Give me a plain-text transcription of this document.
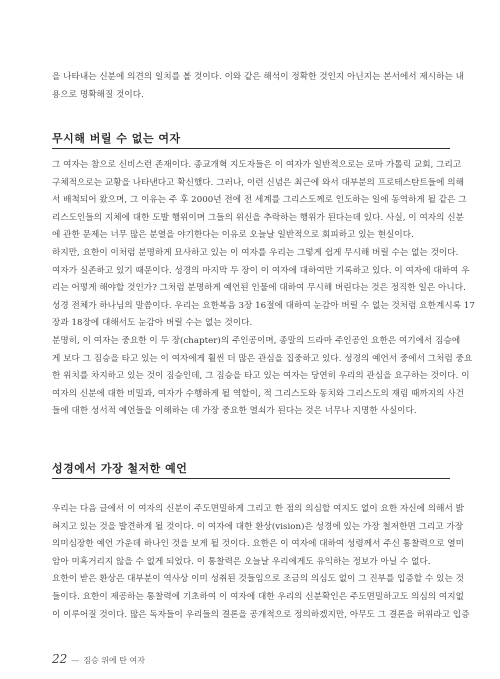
을 나타내는 신분에 의견의 일치를 볼 것이다. 이와 같은 해석이 정확한 것인지 아닌지는 본서에서 제시하는 내

용으로 명확해질 것이다.

무시해 버릴 수 없는 여자

그 여자는 참으로 신비스런 존재이다. 종교개혁 지도자들은 이 여자가 일반적으로는 로마 가톨릭 교회, 그리고

구체적으로는 교황을 나타낸다고 확신했다. 그러나, 이런 신념은 최근에 와서 대부분의 프로테스탄트들에 의해

서 배척되어 왔으며, 그 이유는 주 후 2000년 전에 전 세계를 그리스도께로 인도하는 일에 동역하게 될 같은 그

리스도인들의 지체에 대한 도발 행위이며 그들의 위신을 추락하는 행위가 된다는데 있다. 사실, 이 여자의 신분

에 관한 문제는 너무 많은 분열을 야기한다는 이유로 오늘날 일반적으로 회피하고 있는 현실이다.

하지만, 요한이 이처럼 분명하게 묘사하고 있는 이 여자를 우리는 그렇게 쉽게 무시해 버릴 수는 없는 것이다.

여자가 실존하고 있기 때문이다. 성경의 마지막 두 장이 이 여자에 대하여만 기록하고 있다. 이 여자에 대하여 우

리는 어떻게 해야할 것인가? 그처럼 분명하게 예언된 인물에 대하여 무시해 버린다는 것은 정직한 일은 아니다.

성경 전체가 하나님의 말씀이다. 우리는 요한복음 3장 16절에 대하여 눈감아 버릴 수 없는 것처럼 요한계시록 17

장과 18장에 대해서도 눈감아 버릴 수는 없는 것이다.

분명히, 이 여자는 중요한 이 두 장(chapter)의 주인공이며, 종말의 드라마 주인공인 요한은 여기에서 짐승에

게 보다 그 짐승을 타고 있는 이 여자에게 훨씬 더 많은 관심을 집중하고 있다. 성경의 예언서 중에서 그처럼 중요

한 위치를 차지하고 있는 것이 짐승인데, 그 짐승을 타고 있는 여자는 당연히 우리의 관심을 요구하는 것이다. 이

여자의 신분에 대한 비밀과, 여자가 수행하게 될 역할이, 적 그리스도와 동치와 그리스도의 재림 때까지의 사건

들에 대한 성서적 예언들을 이해하는 데 가장 중요한 열쇠가 된다는 것은 너무나 지명한 사실이다.

성경에서 가장 철저한 예언

우리는 다음 글에서 이 여자의 신분이 주도면밀하게 그리고 한 점의 의심할 여지도 없이 요한 자신에 의해서 밝

혀지고 있는 것을 발견하게 될 것이다. 이 여자에 대한 환상(vision)은 성경에 있는 가장 철저한면 그리고 가장

의미심장한 예언 가운데 하나인 것을 보게 될 것이다. 요한은 이 여자에 대하여 성령께서 주신 통찰력으로 열미

암아 미혹거리지 않을 수 없게 되었다. 이 통찰력은 오늘날 우리에게도 유익하는 정보가 아닐 수 없다.

요한이 받은 환상은 대부분이 역사상 이미 성취된 것들임으로 조금의 의심도 없이 그 진부를 입증할 수 있는 것

들이다. 요한이 제공하는 통찰력에 기초하여 이 여자에 대한 우리의 신분확인은 주도면밀하고도 의심의 여지없

이 이루어질 것이다. 많은 독자들이 우리들의 결론을 공개적으로 정의하겠지만, 아무도 그 결론을 허위라고 입증

22 — 짐승 위에 탄 여자
